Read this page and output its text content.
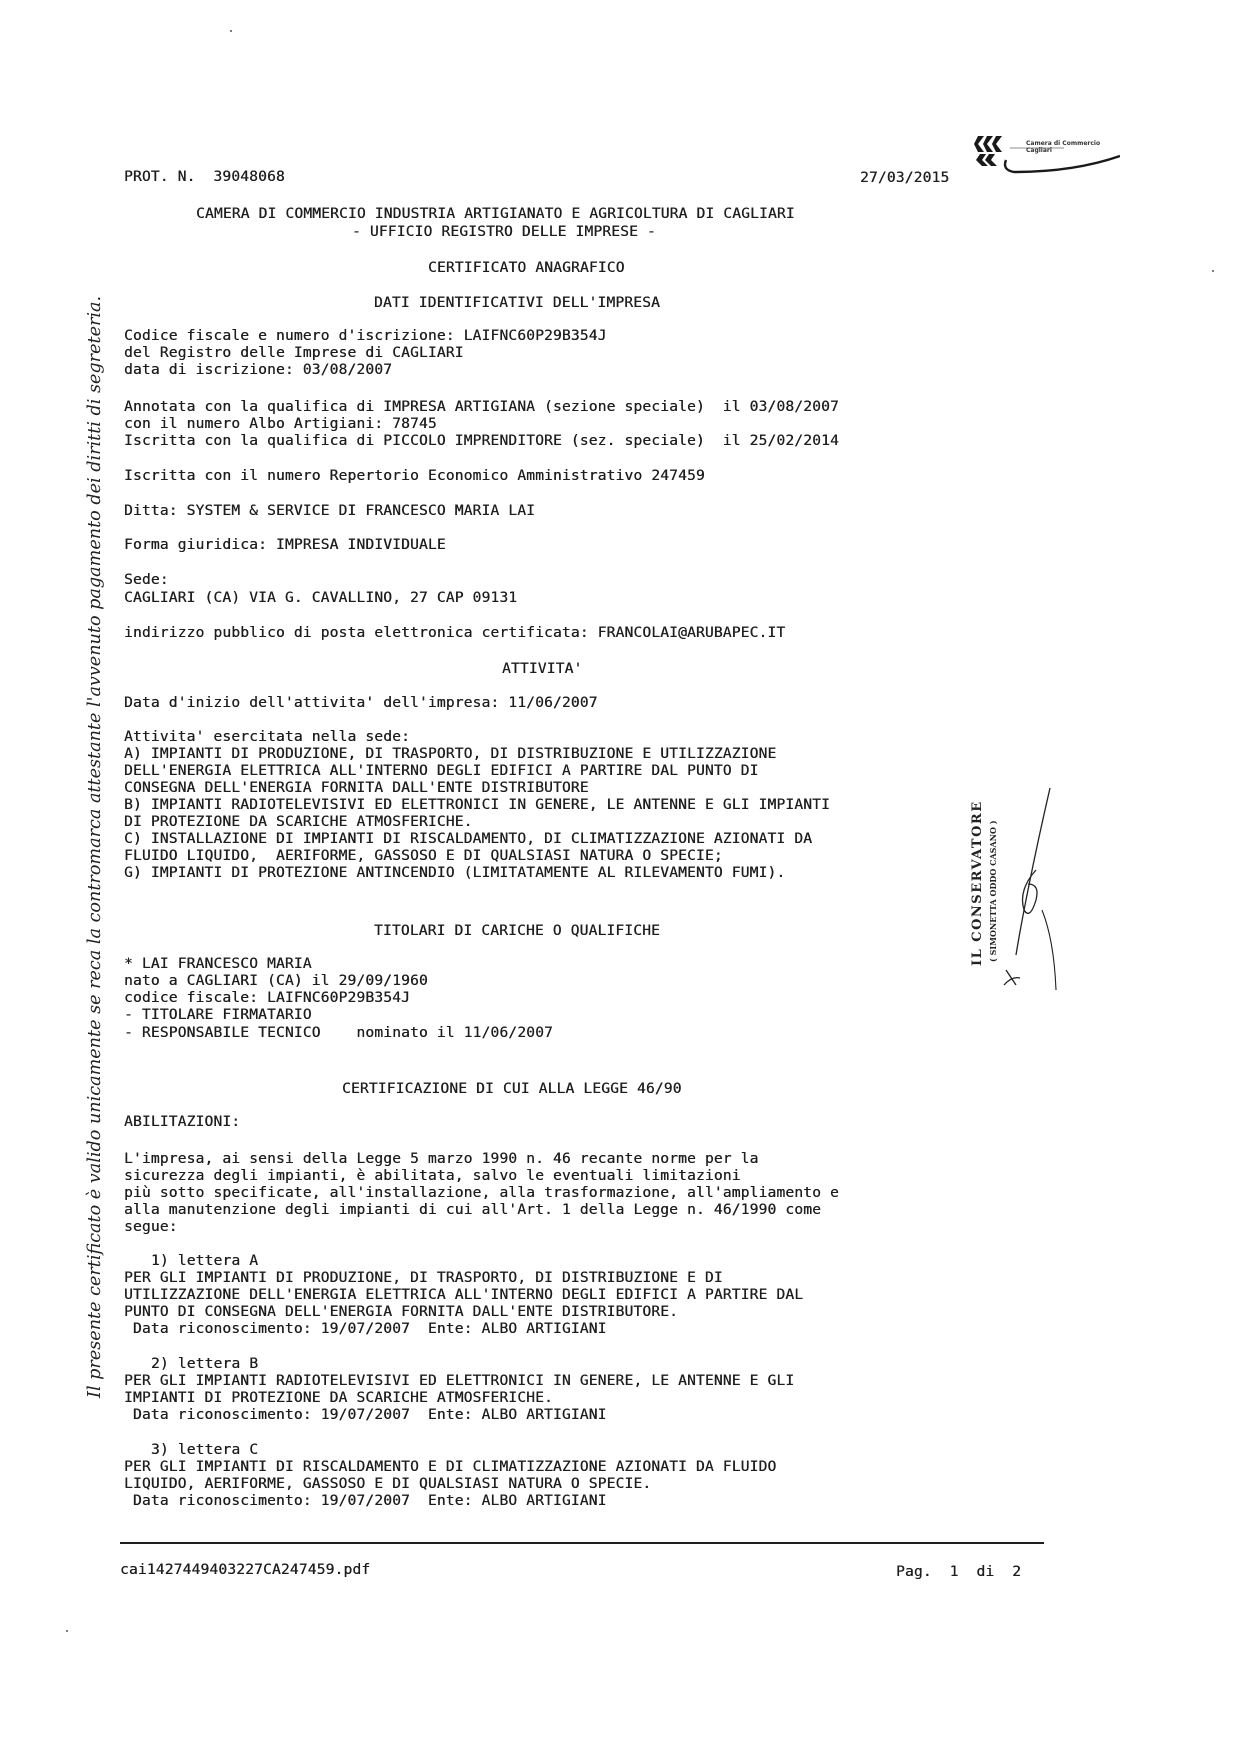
PROT. N.  39048068	27/03/2015
Camera di Commercio
Cagliari
CAMERA DI COMMERCIO INDUSTRIA ARTIGIANATO E AGRICOLTURA DI CAGLIARI
- UFFICIO REGISTRO DELLE IMPRESE -
CERTIFICATO ANAGRAFICO
DATI IDENTIFICATIVI DELL'IMPRESA
Codice fiscale e numero d'iscrizione: LAIFNC60P29B354J
del Registro delle Imprese di CAGLIARI
data di iscrizione: 03/08/2007
Annotata con la qualifica di IMPRESA ARTIGIANA (sezione speciale)  il 03/08/2007
con il numero Albo Artigiani: 78745
Iscritta con la qualifica di PICCOLO IMPRENDITORE (sez. speciale)  il 25/02/2014
Iscritta con il numero Repertorio Economico Amministrativo 247459
Ditta: SYSTEM & SERVICE DI FRANCESCO MARIA LAI
Forma giuridica: IMPRESA INDIVIDUALE
Sede:
CAGLIARI (CA) VIA G. CAVALLINO, 27 CAP 09131
indirizzo pubblico di posta elettronica certificata: FRANCOLAI@ARUBAPEC.IT
ATTIVITA'
Data d'inizio dell'attivita' dell'impresa: 11/06/2007
Attivita' esercitata nella sede:
A) IMPIANTI DI PRODUZIONE, DI TRASPORTO, DI DISTRIBUZIONE E UTILIZZAZIONE
DELL'ENERGIA ELETTRICA ALL'INTERNO DEGLI EDIFICI A PARTIRE DAL PUNTO DI
CONSEGNA DELL'ENERGIA FORNITA DALL'ENTE DISTRIBUTORE
B) IMPIANTI RADIOTELEVISIVI ED ELETTRONICI IN GENERE, LE ANTENNE E GLI IMPIANTI
DI PROTEZIONE DA SCARICHE ATMOSFERICHE.
C) INSTALLAZIONE DI IMPIANTI DI RISCALDAMENTO, DI CLIMATIZZAZIONE AZIONATI DA
FLUIDO LIQUIDO,  AERIFORME, GASSOSO E DI QUALSIASI NATURA O SPECIE;
G) IMPIANTI DI PROTEZIONE ANTINCENDIO (LIMITATAMENTE AL RILEVAMENTO FUMI).
TITOLARI DI CARICHE O QUALIFICHE
* LAI FRANCESCO MARIA
nato a CAGLIARI (CA) il 29/09/1960
codice fiscale: LAIFNC60P29B354J
- TITOLARE FIRMATARIO
- RESPONSABILE TECNICO    nominato il 11/06/2007
CERTIFICAZIONE DI CUI ALLA LEGGE 46/90
ABILITAZIONI:
L'impresa, ai sensi della Legge 5 marzo 1990 n. 46 recante norme per la
sicurezza degli impianti, è abilitata, salvo le eventuali limitazioni
più sotto specificate, all'installazione, alla trasformazione, all'ampliamento e
alla manutenzione degli impianti di cui all'Art. 1 della Legge n. 46/1990 come
segue:
1) lettera A
PER GLI IMPIANTI DI PRODUZIONE, DI TRASPORTO, DI DISTRIBUZIONE E DI
UTILIZZAZIONE DELL'ENERGIA ELETTRICA ALL'INTERNO DEGLI EDIFICI A PARTIRE DAL
PUNTO DI CONSEGNA DELL'ENERGIA FORNITA DALL'ENTE DISTRIBUTORE.
Data riconoscimento: 19/07/2007  Ente: ALBO ARTIGIANI
2) lettera B
PER GLI IMPIANTI RADIOTELEVISIVI ED ELETTRONICI IN GENERE, LE ANTENNE E GLI
IMPIANTI DI PROTEZIONE DA SCARICHE ATMOSFERICHE.
Data riconoscimento: 19/07/2007  Ente: ALBO ARTIGIANI
3) lettera C
PER GLI IMPIANTI DI RISCALDAMENTO E DI CLIMATIZZAZIONE AZIONATI DA FLUIDO
LIQUIDO, AERIFORME, GASSOSO E DI QUALSIASI NATURA O SPECIE.
Data riconoscimento: 19/07/2007  Ente: ALBO ARTIGIANI
Il presente certificato è valido unicamente se reca la contromarca attestante l'avvenuto pagamento dei diritti di segreteria.	IL CONSERVATORE ( SIMONETTA ODDO CASANO )
cai1427449403227CA247459.pdf	Pag.  1  di  2
